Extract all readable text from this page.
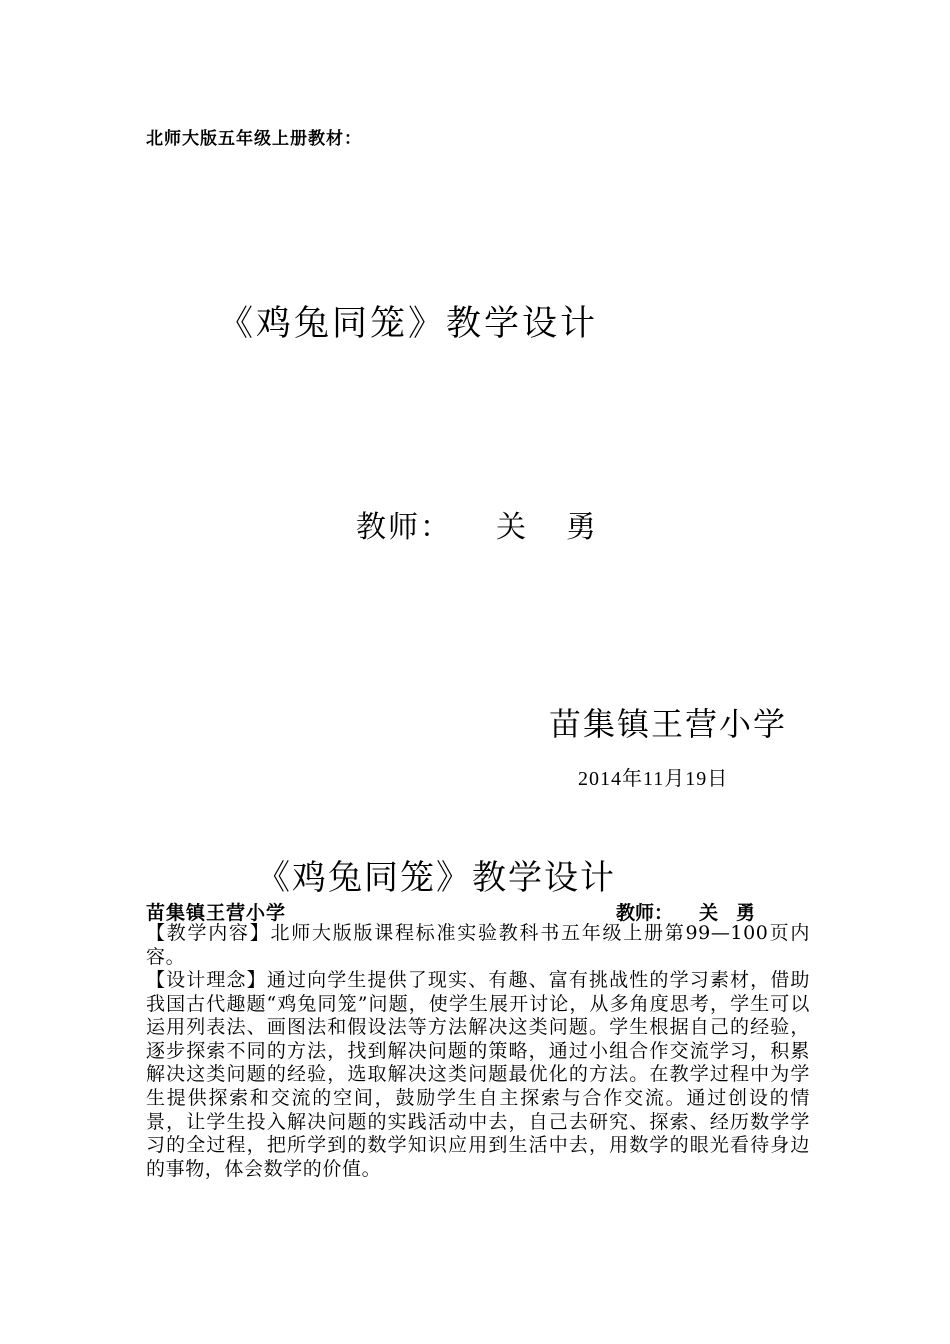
北师大版五年级上册教材：
《鸡兔同笼》教学设计
教师： 关 勇
苗集镇王营小学
2014年11月19日
《鸡兔同笼》教学设计
苗集镇王营小学	教师： 关 勇
【教学内容】北师大版版课程标准实验教科书五年级上册第99—100页内容。
【设计理念】通过向学生提供了现实、有趣、富有挑战性的学习素材，借助我国古代趣题“鸡兔同笼”问题，使学生展开讨论，从多角度思考，学生可以运用列表法、画图法和假设法等方法解决这类问题。学生根据自己的经验，逐步探索不同的方法，找到解决问题的策略，通过小组合作交流学习，积累解决这类问题的经验，选取解决这类问题最优化的方法。在教学过程中为学生提供探索和交流的空间，鼓励学生自主探索与合作交流。通过创设的情景，让学生投入解决问题的实践活动中去，自己去研究、探索、经历数学学习的全过程，把所学到的数学知识应用到生活中去，用数学的眼光看待身边的事物，体会数学的价值。
